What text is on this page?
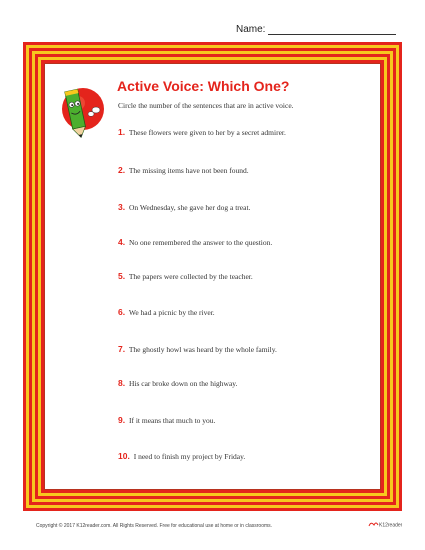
Name:
Active Voice: Which One?

Circle the number of the sentences that are in active voice.

1. These flowers were given to her by a secret admirer.

2. The missing items have not been found.

3. On Wednesday, she gave her dog a treat.

4. No one remembered the answer to the question.

5. The papers were collected by the teacher.

6. We had a picnic by the river.

7. The ghostly howl was heard by the whole family.

8. His car broke down on the highway.

9. If it means that much to you.

10. I need to finish my project by Friday.

Copyright © 2017 K12reader.com. All Rights Reserved. Free for educational use at home or in classrooms.	K12reader
